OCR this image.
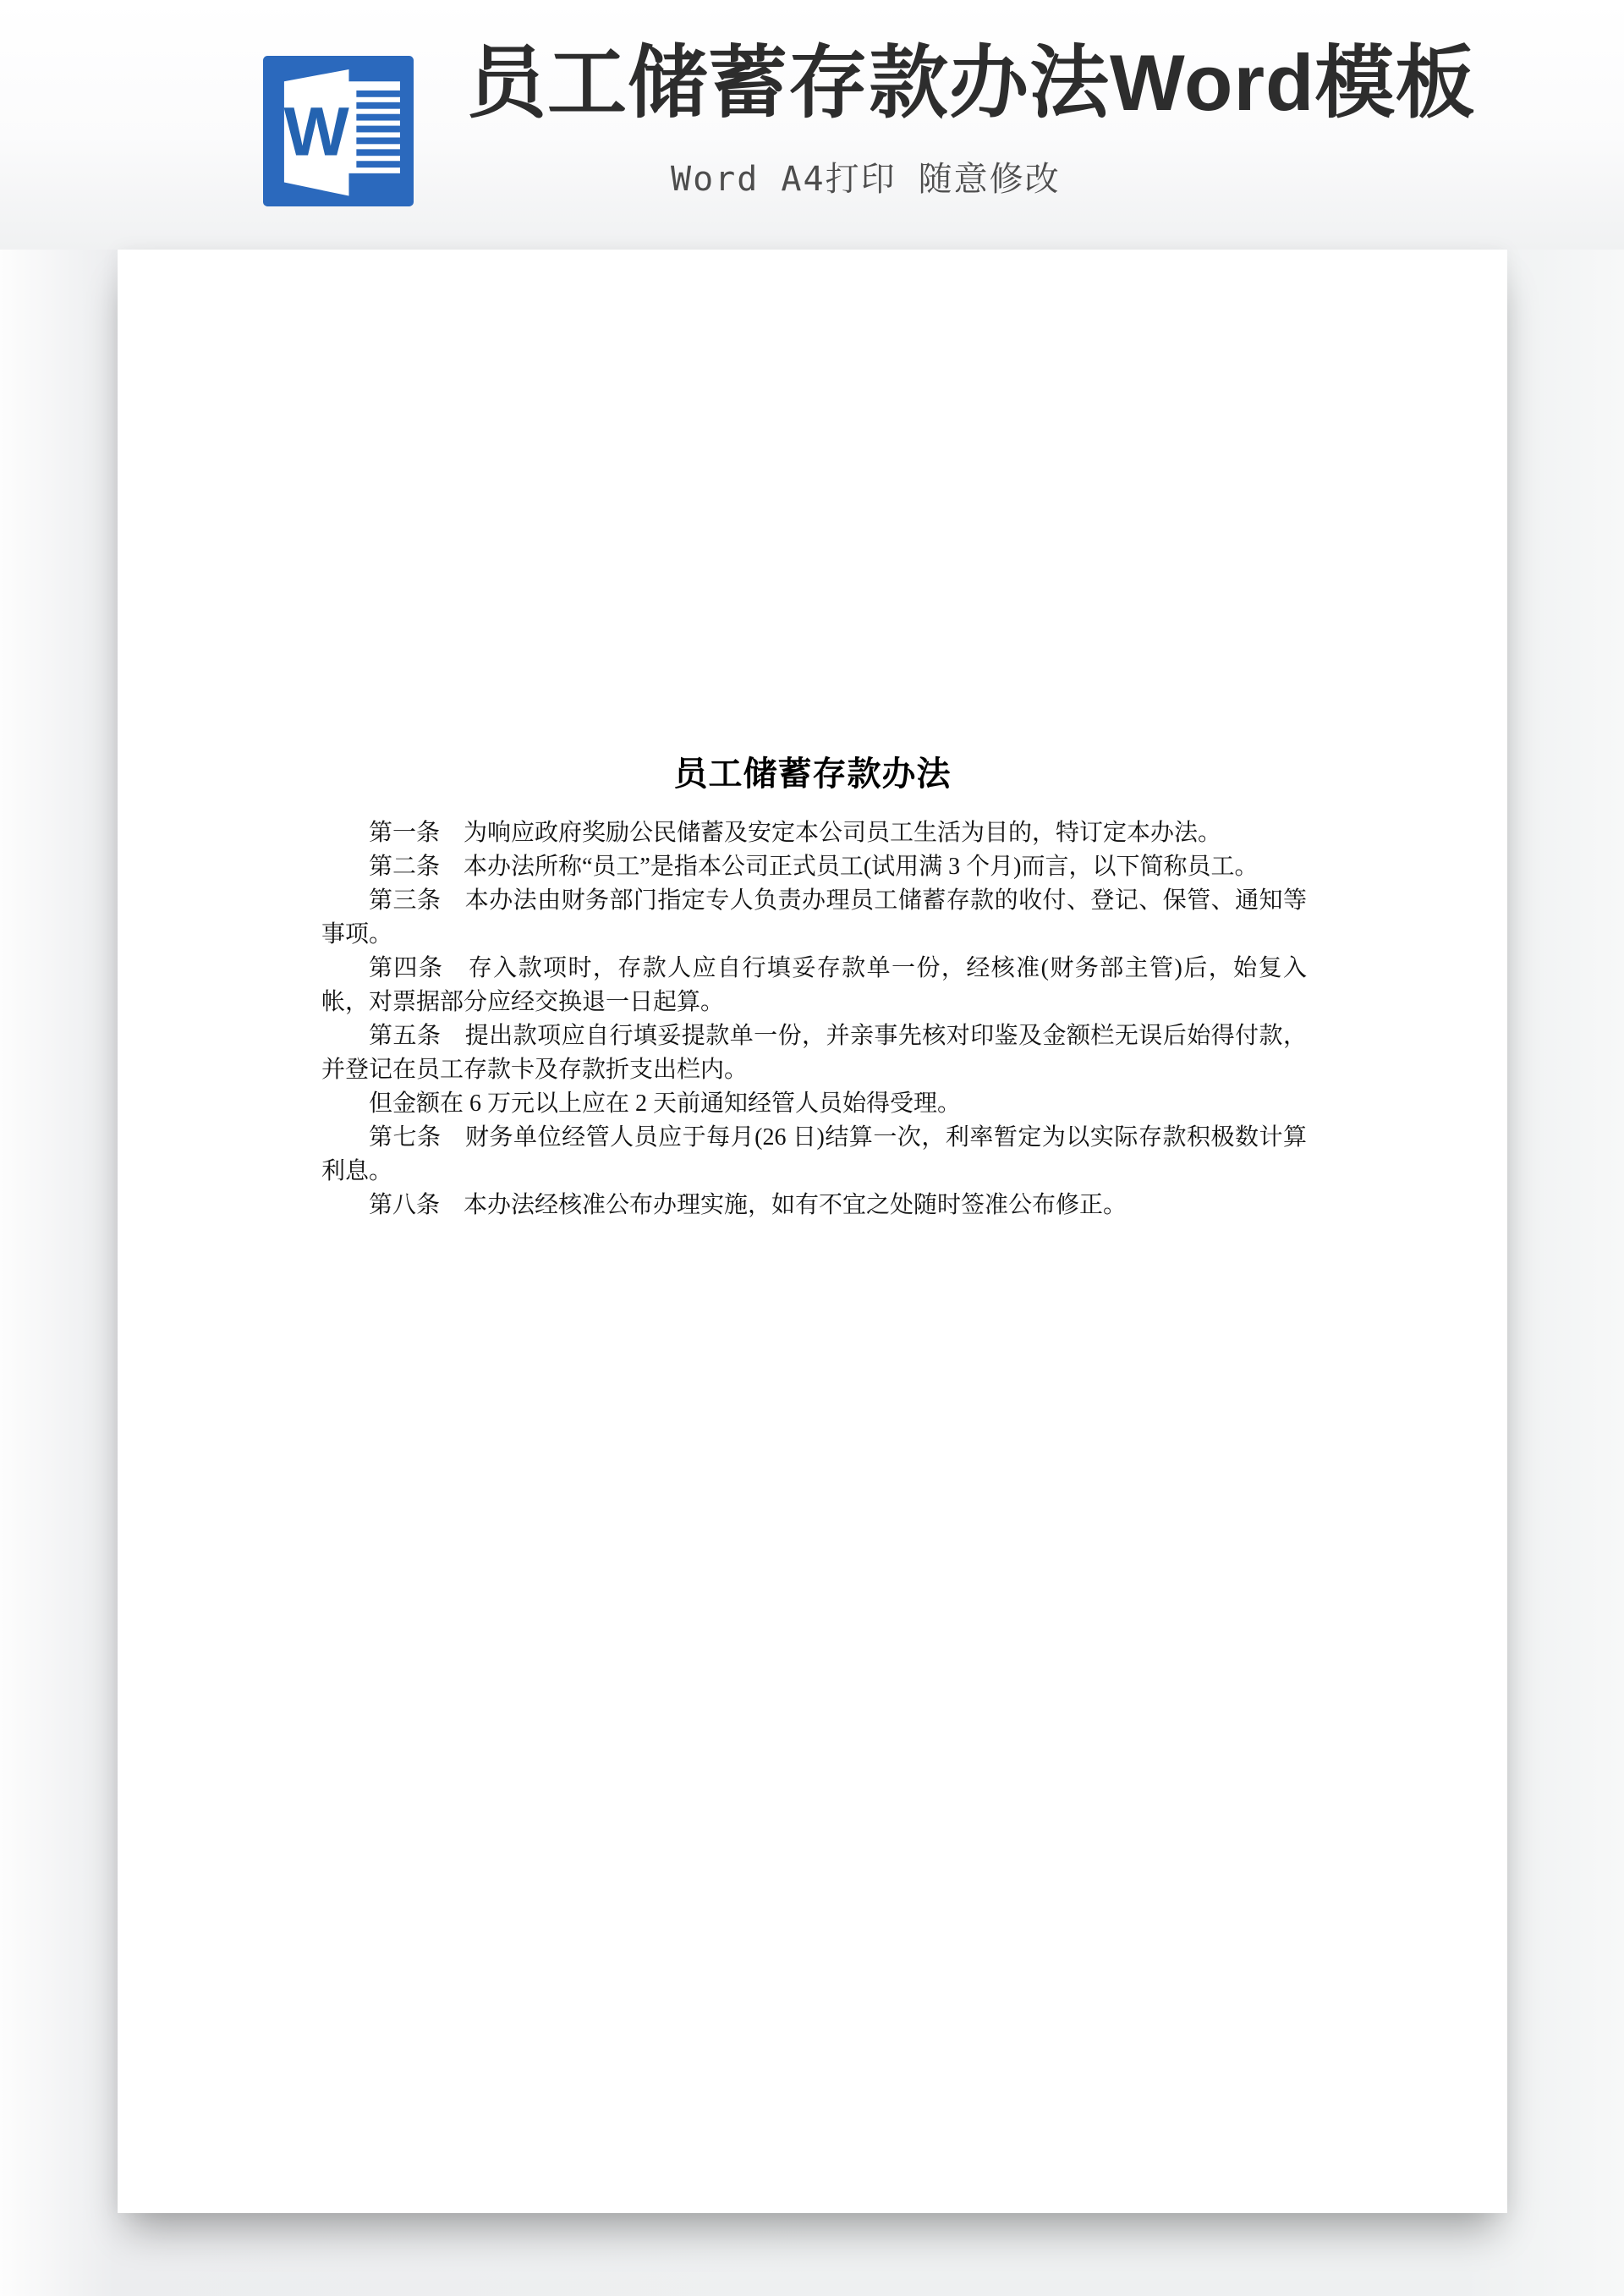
W
员工储蓄存款办法Word模板
Word A4打印 随意修改
员工储蓄存款办法

第一条　为响应政府奖励公民储蓄及安定本公司员工生活为目的，特订定本办法。

第二条　本办法所称“员工”是指本公司正式员工(试用满 3 个月)而言，以下简称员工。

第三条　本办法由财务部门指定专人负责办理员工储蓄存款的收付、登记、保管、通知等事项。

第四条　存入款项时，存款人应自行填妥存款单一份，经核准(财务部主管)后，始复入帐，对票据部分应经交换退一日起算。

第五条　提出款项应自行填妥提款单一份，并亲事先核对印鉴及金额栏无误后始得付款，并登记在员工存款卡及存款折支出栏内。

但金额在 6 万元以上应在 2 天前通知经管人员始得受理。

第七条　财务单位经管人员应于每月(26 日)结算一次，利率暂定为以实际存款积极数计算利息。

第八条　本办法经核准公布办理实施，如有不宜之处随时签准公布修正。
